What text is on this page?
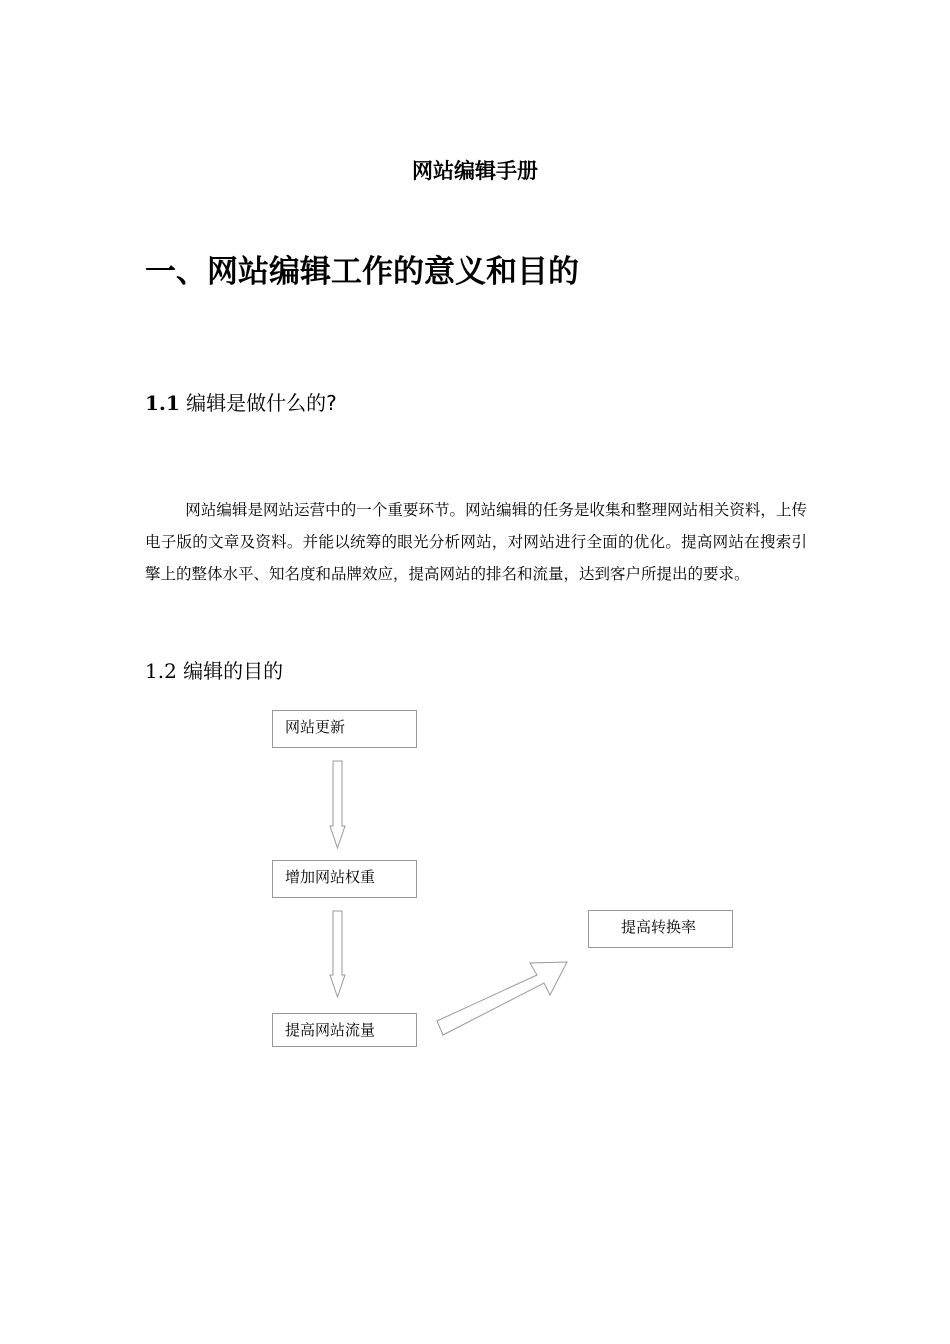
网站编辑手册
一、网站编辑工作的意义和目的
1.1 编辑是做什么的?

网站编辑是网站运营中的一个重要环节。网站编辑的任务是收集和整理网站相关资料，上传电子版的文章及资料。并能以统筹的眼光分析网站，对网站进行全面的优化。提高网站在搜索引擎上的整体水平、知名度和品牌效应，提高网站的排名和流量，达到客户所提出的要求。

1.2 编辑的目的
网站更新
增加网站权重
提高网站流量
提高转换率
